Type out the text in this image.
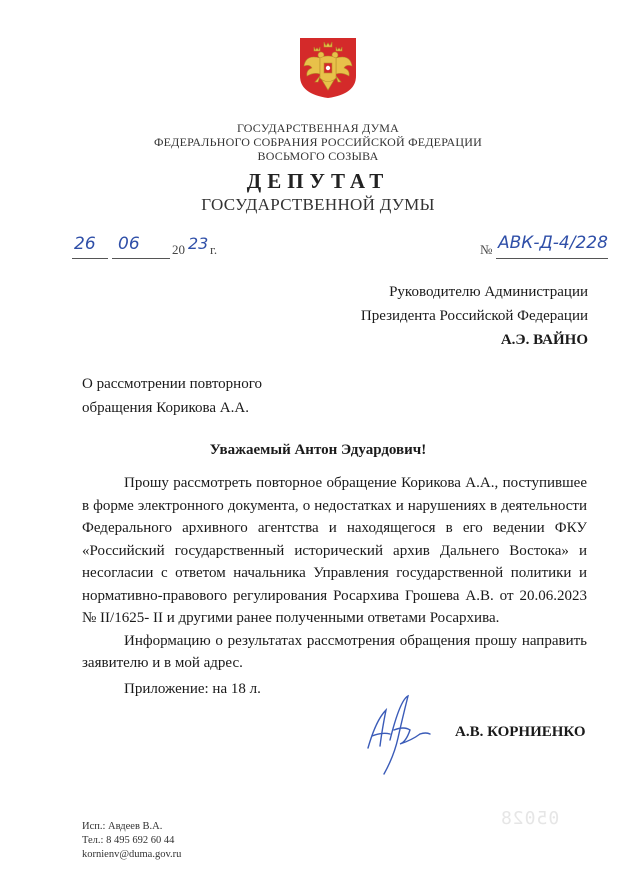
ГОСУДАРСТВЕННАЯ ДУМА
ФЕДЕРАЛЬНОГО СОБРАНИЯ РОССИЙСКОЙ ФЕДЕРАЦИИ
ВОСЬМОГО СОЗЫВА
ДЕПУТАТ
ГОСУДАРСТВЕННОЙ ДУМЫ
26 06 20 23 г.	№ АВК-Д-4/228
Руководителю Администрации
Президента Российской Федерации
А.Э. ВАЙНО
О рассмотрении повторного
обращения Корикова А.А.
Уважаемый Антон Эдуардович!

Прошу рассмотреть повторное обращение Корикова А.А., поступившее в форме электронного документа, о недостатках и нарушениях в деятельности Федерального архивного агентства и находящегося в его ведении ФКУ «Российский государственный исторический архив Дальнего Востока» и несогласии с ответом начальника Управления государственной политики и нормативно-правового регулирования Росархива Грошева А.В. от 20.06.2023 № II/1625- II и другими ранее полученными ответами Росархива.

Информацию о результатах рассмотрения обращения прошу направить заявителю и в мой адрес.

Приложение: на 18 л.
А.В. КОРНИЕНКО
05028
Исп.: Авдеев В.А.
Тел.: 8 495 692 60 44
kornienv@duma.gov.ru
